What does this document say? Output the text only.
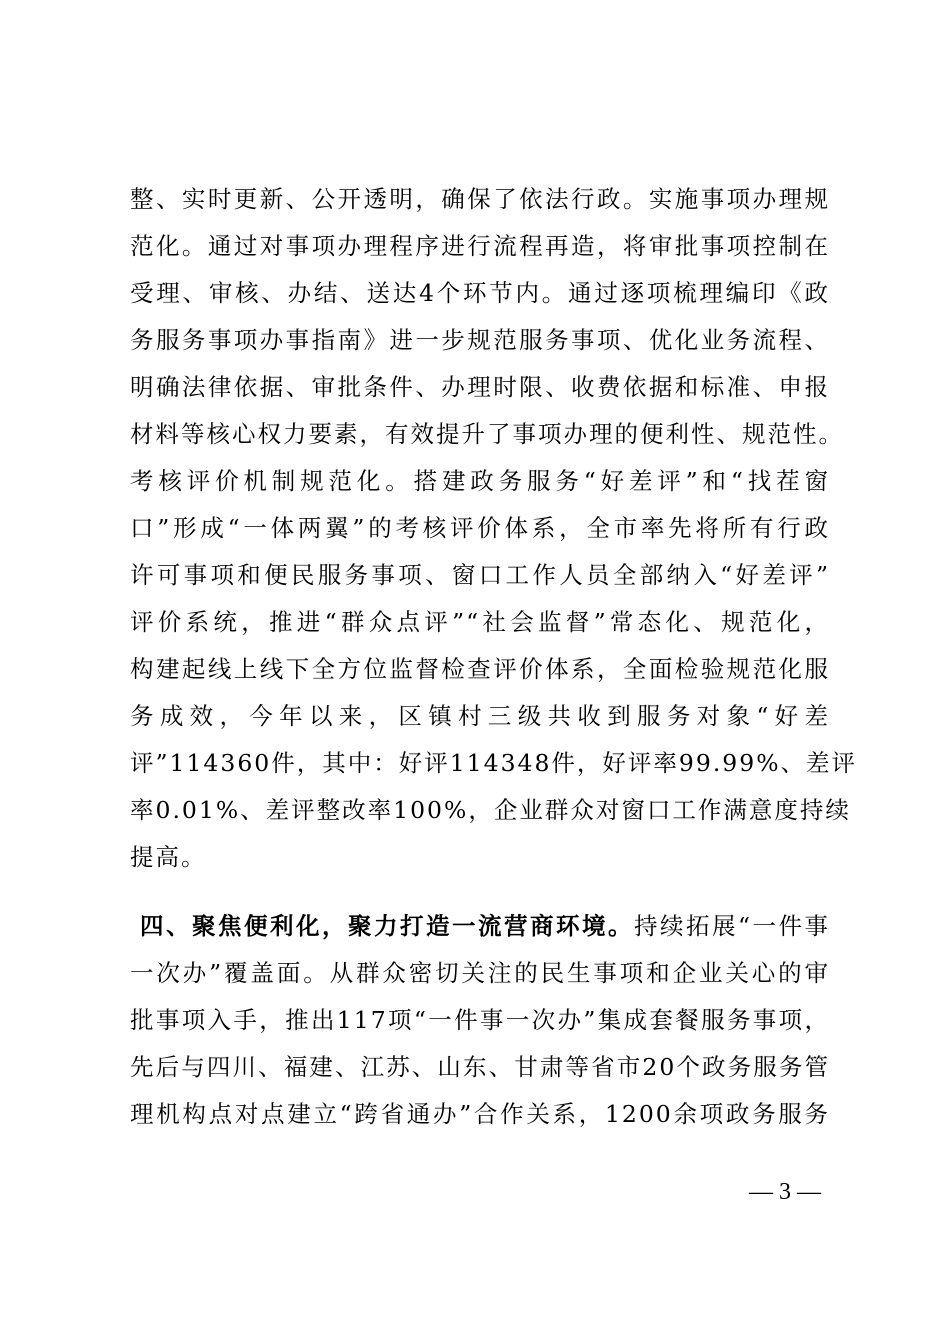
整、实时更新、公开透明，确保了依法行政。实施事项办理规
范化。通过对事项办理程序进行流程再造，将审批事项控制在
受理、审核、办结、送达4个环节内。通过逐项梳理编印《政
务服务事项办事指南》进一步规范服务事项、优化业务流程、
明确法律依据、审批条件、办理时限、收费依据和标准、申报
材料等核心权力要素，有效提升了事项办理的便利性、规范性。
考核评价机制规范化。搭建政务服务“好差评”和“找茬窗
口”形成“一体两翼”的考核评价体系，全市率先将所有行政
许可事项和便民服务事项、窗口工作人员全部纳入“好差评”
评价系统，推进“群众点评”“社会监督”常态化、规范化，
构建起线上线下全方位监督检查评价体系，全面检验规范化服
务成效，今年以来，区镇村三级共收到服务对象“好差
评”114360件，其中：好评114348件，好评率99.99%、差评
率0.01%、差评整改率100%，企业群众对窗口工作满意度持续
提高。
四、聚焦便利化，聚力打造一流营商环境。持续拓展“一件事
一次办”覆盖面。从群众密切关注的民生事项和企业关心的审
批事项入手，推出117项“一件事一次办”集成套餐服务事项，
先后与四川、福建、江苏、山东、甘肃等省市20个政务服务管
理机构点对点建立“跨省通办”合作关系，1200余项政务服务
— 3 —
